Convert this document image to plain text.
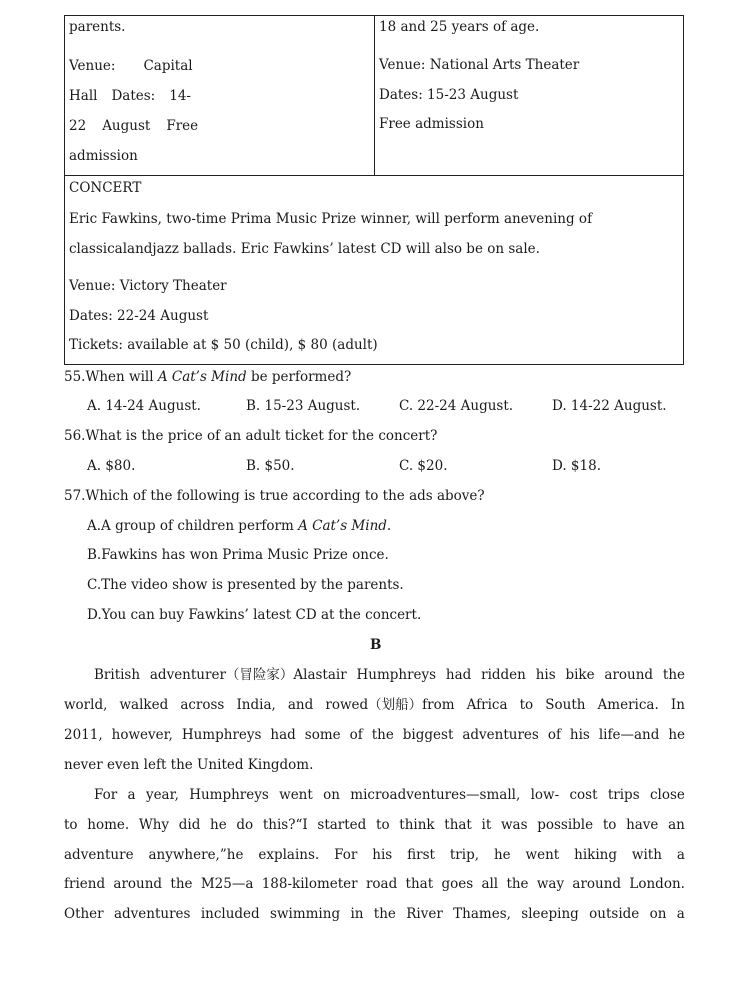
parents.
Venue: Capital
Hall Dates: 14-
22 August Free
admission
18 and 25 years of age.
Venue: National Arts Theater
Dates: 15-23 August
Free admission
CONCERT
Eric Fawkins, two-time Prima Music Prize winner, will perform anevening of
classicalandjazz ballads. Eric Fawkins’ latest CD will also be on sale.
Venue: Victory Theater
Dates: 22-24 August
Tickets: available at $ 50 (child), $ 80 (adult)
55.When will A Cat’s Mind be performed?
A. 14-24 August.	B. 15-23 August.	C. 22-24 August.	D. 14-22 August.
56.What is the price of an adult ticket for the concert?
A. $80.	B. $50.	C. $20.	D. $18.
57.Which of the following is true according to the ads above?
A.A group of children perform A Cat’s Mind.
B.Fawkins has won Prima Music Prize once.
C.The video show is presented by the parents.
D.You can buy Fawkins’ latest CD at the concert.
B
British adventurer（冒险家）Alastair Humphreys had ridden his bike around the
world, walked across India, and rowed（划船）from Africa to South America. In
2011, however, Humphreys had some of the biggest adventures of his life—and he
never even left the United Kingdom.
For a year, Humphreys went on microadventures—small, low- cost trips close
to home. Why did he do this?“I started to think that it was possible to have an
adventure anywhere,”he explains. For his first trip, he went hiking with a
friend around the M25—a 188-kilometer road that goes all the way around London.
Other adventures included swimming in the River Thames, sleeping outside on a
